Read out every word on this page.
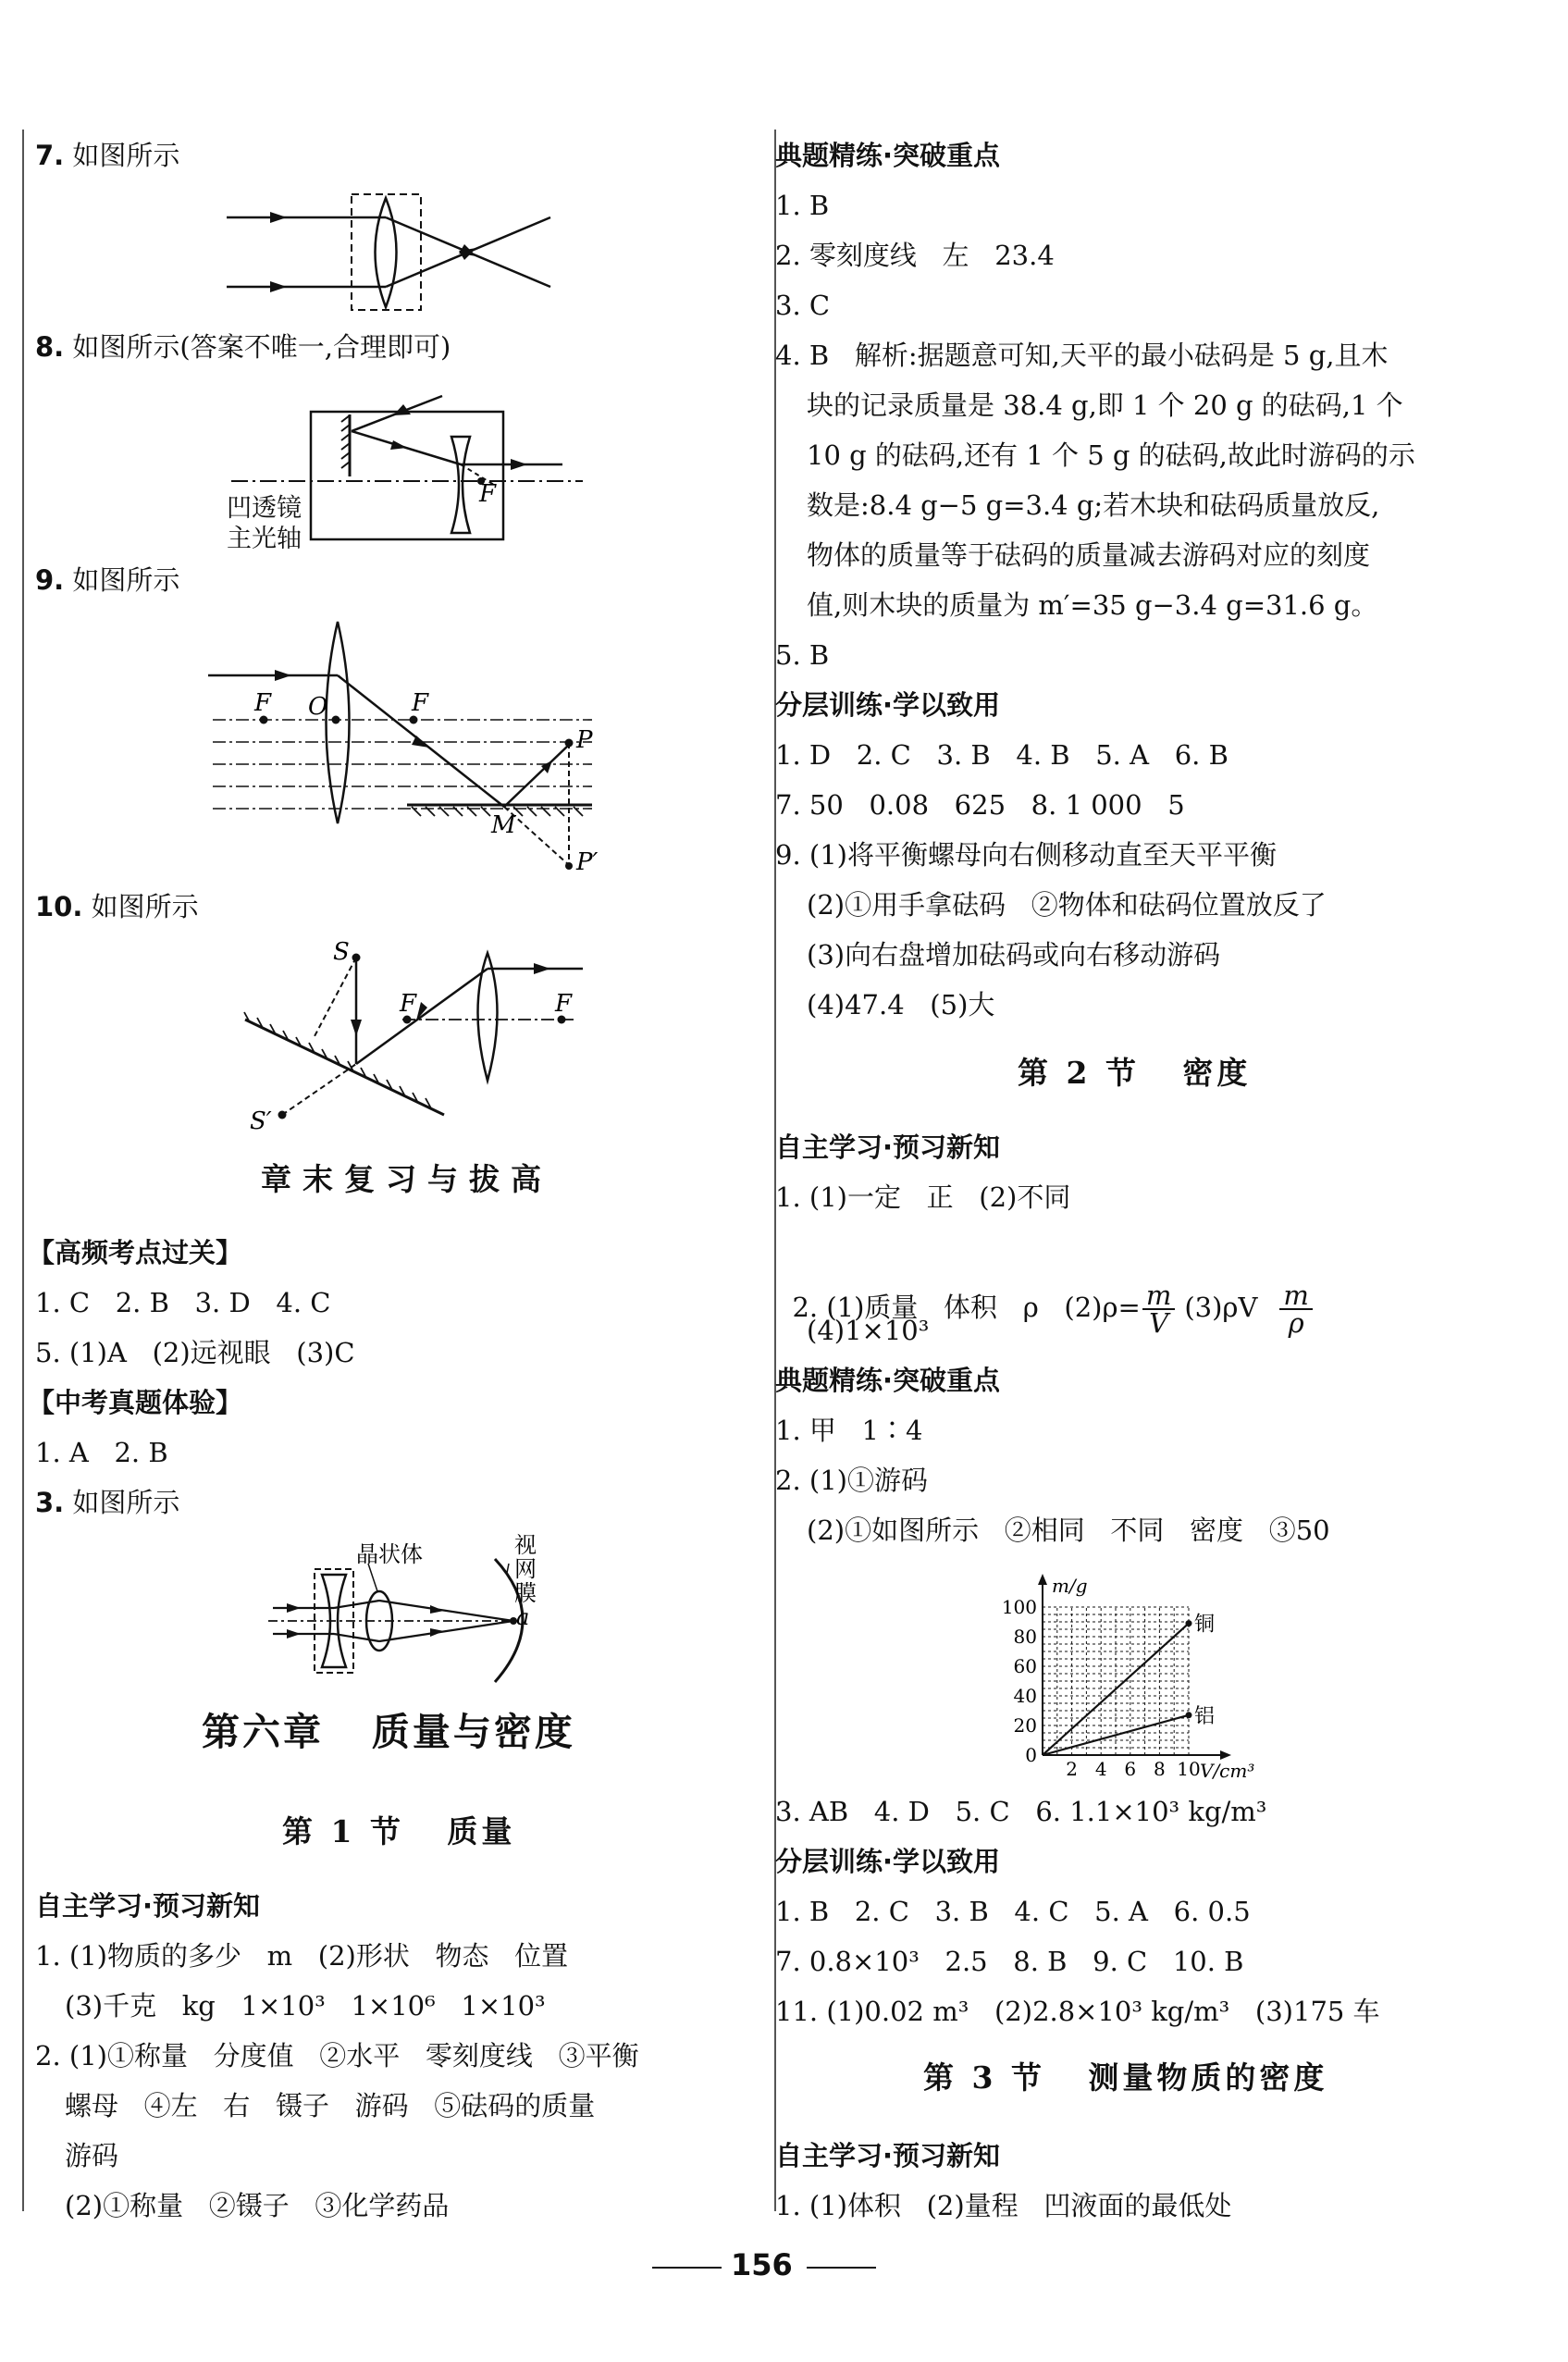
7. 如图所示
8. 如图所示(答案不唯一,合理即可)
F
凹透镜
主光轴
9. 如图所示
F O	F
P
M
P′
10. 如图所示
S
S′
F	F
章末复习与拔高
【高频考点过关】
1. C   2. B   3. D   4. C
5. (1)A   (2)远视眼   (3)C
【中考真题体验】
1. A   2. B
3. 如图所示
晶状体	视
网
膜
a
第六章   质量与密度
第 1 节   质量
自主学习·预习新知
1. (1)物质的多少   m   (2)形状   物态   位置
(3)千克   kg   1×10³   1×10⁶   1×10³
2. (1)①称量   分度值   ②水平   零刻度线   ③平衡
螺母   ④左   右   镊子   游码   ⑤砝码的质量
游码
(2)①称量   ②镊子   ③化学药品
典题精练·突破重点
1. B
2. 零刻度线   左   23.4
3. C
4. B   解析:据题意可知,天平的最小砝码是 5 g,且木
块的记录质量是 38.4 g,即 1 个 20 g 的砝码,1 个
10 g 的砝码,还有 1 个 5 g 的砝码,故此时游码的示
数是:8.4 g−5 g=3.4 g;若木块和砝码质量放反,
物体的质量等于砝码的质量减去游码对应的刻度
值,则木块的质量为 m′=35 g−3.4 g=31.6 g。
5. B
分层训练·学以致用
1. D   2. C   3. B   4. B   5. A   6. B
7. 50   0.08   625   8. 1 000   5
9. (1)将平衡螺母向右侧移动直至天平平衡
(2)①用手拿砝码   ②物体和砝码位置放反了
(3)向右盘增加砝码或向右移动游码
(4)47.4   (5)大
第 2 节   密度
自主学习·预习新知
1. (1)一定   正   (2)不同

2. (1)质量   体积   ρ   $(2)\rho= \frac{m}{V} (3)\rho V \frac{m}{\rho}$

(4)1×10³
典题精练·突破重点
1. 甲   1∶4
2. (1)①游码
(2)①如图所示   ②相同   不同   密度   ③50
2 4 6 8 10
0
20
40
60
80
100
V/cm³
m/g
铜
铝
3. AB   4. D   5. C   6. 1.1×10³ kg/m³
分层训练·学以致用
1. B   2. C   3. B   4. C   5. A   6. 0.5
7. 0.8×10³   2.5   8. B   9. C   10. B
11. (1)0.02 m³   (2)2.8×10³ kg/m³   (3)175 车
第 3 节   测量物质的密度
自主学习·预习新知
1. (1)体积   (2)量程   凹液面的最低处
156
